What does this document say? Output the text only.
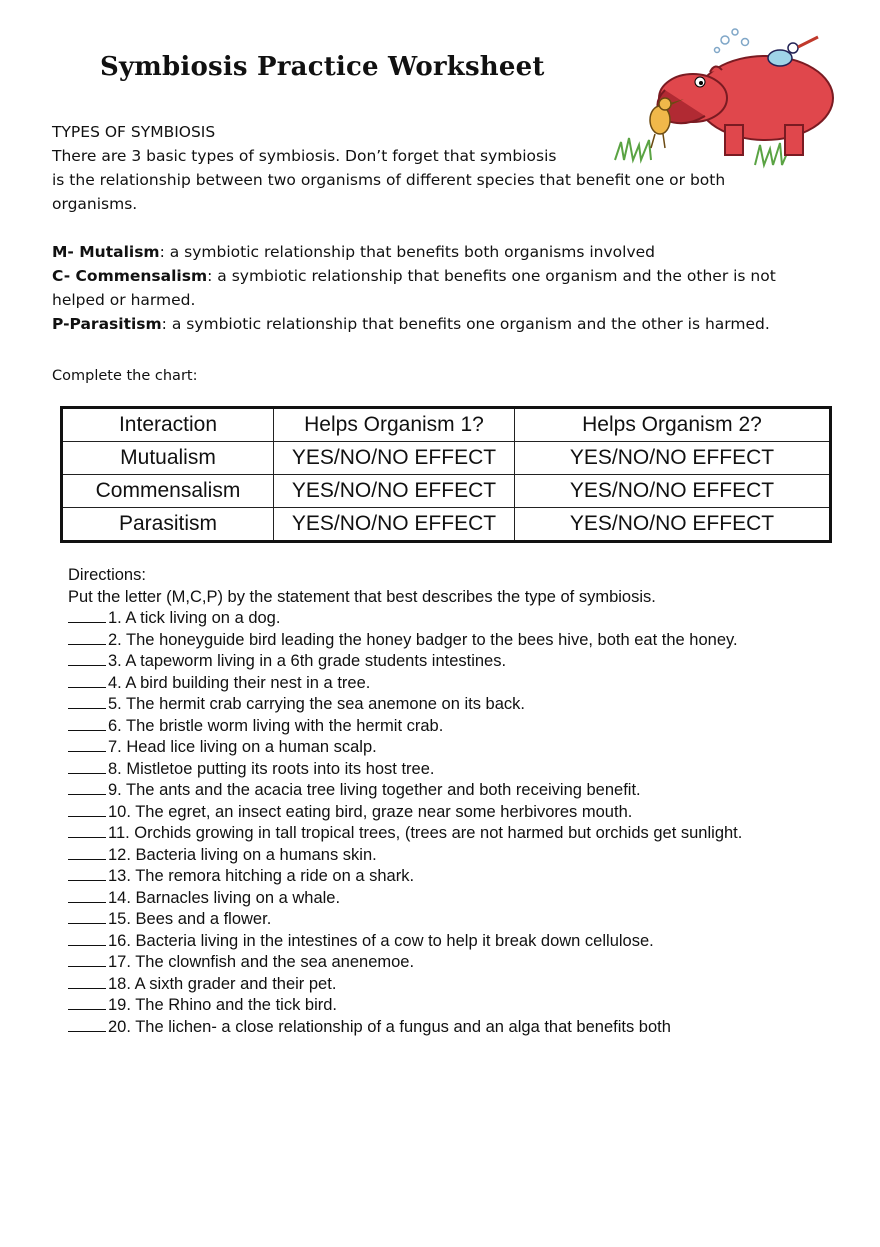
Symbiosis Practice Worksheet
TYPES OF SYMBIOSIS

There are 3 basic types of symbiosis. Don’t forget that symbiosis

is the relationship between two organisms of different species that benefit one or both

organisms.

M- Mutalism: a symbiotic relationship that benefits both organisms involved

C- Commensalism: a symbiotic relationship that benefits one organism and the other is not helped or harmed.

P-Parasitism: a symbiotic relationship that benefits one organism and the other is harmed.

Complete the chart:
Interaction	Helps Organism 1?	Helps Organism 2?
Mutualism	YES/NO/NO EFFECT	YES/NO/NO EFFECT
Commensalism	YES/NO/NO EFFECT	YES/NO/NO EFFECT
Parasitism	YES/NO/NO EFFECT	YES/NO/NO EFFECT

Directions:

Put the letter (M,C,P) by the statement that best describes the type of symbiosis.

1. A tick living on a dog.

2. The honeyguide bird leading the honey badger to the bees hive, both eat the honey.

3. A tapeworm living in a 6th grade students intestines.

4. A bird building their nest in a tree.

5. The hermit crab carrying the sea anemone on its back.

6. The bristle worm living with the hermit crab.

7. Head lice living on a human scalp.

8. Mistletoe putting its roots into its host tree.

9. The ants and the acacia tree living together and both receiving benefit.

10. The egret, an insect eating bird, graze near some herbivores mouth.

11. Orchids growing in tall tropical trees, (trees are not harmed but orchids get sunlight.

12. Bacteria living on a humans skin.

13. The remora hitching a ride on a shark.

14. Barnacles living on a whale.

15. Bees and a flower.

16. Bacteria living in the intestines of a cow to help it break down cellulose.

17. The clownfish and the sea anenemoe.

18. A sixth grader and their pet.

19. The Rhino and the tick bird.

20. The lichen- a close relationship of a fungus and an alga that benefits both
